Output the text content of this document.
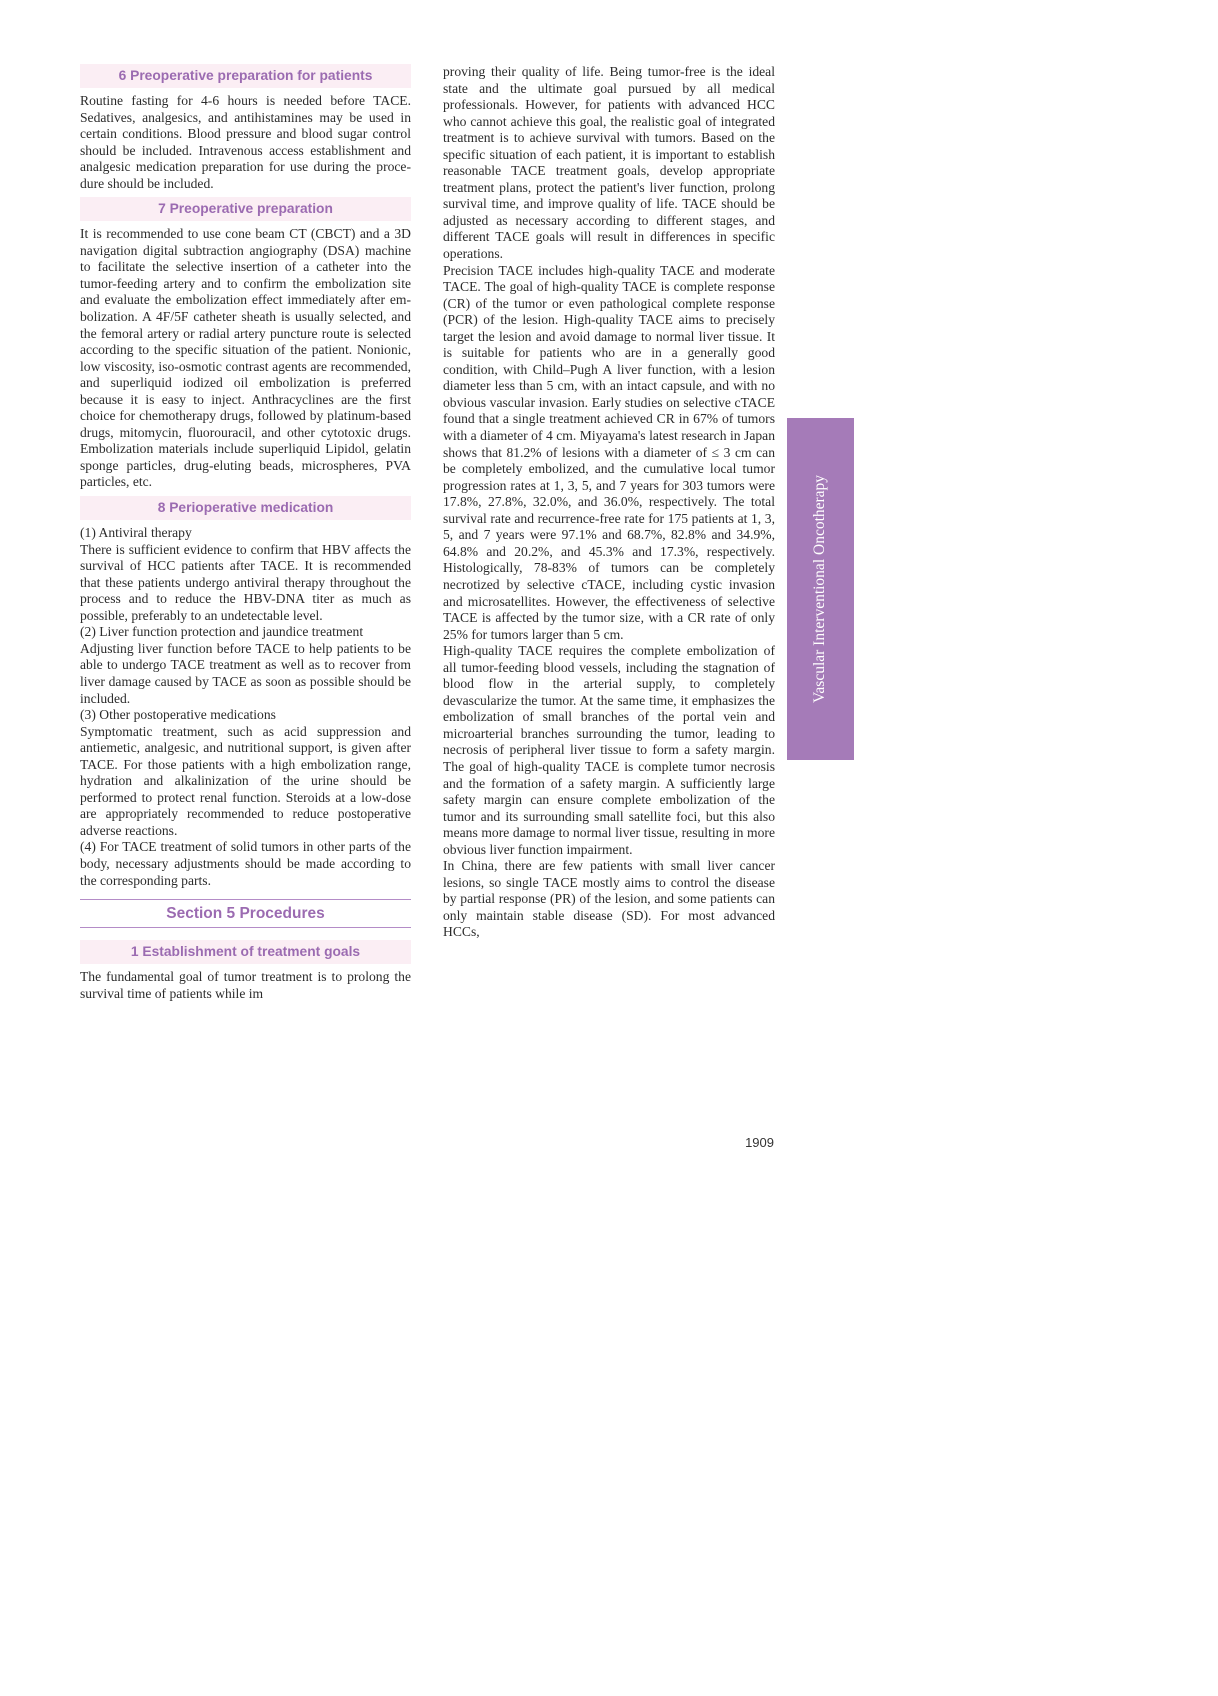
6 Preoperative preparation for patients

Routine fasting for 4-6 hours is needed before TACE. Sedatives, analgesics, and antihistamines may be used in certain conditions. Blood pressure and blood sugar control should be included. Intravenous access establishment and analgesic medication preparation for use during the procedure should be included.

7 Preoperative preparation

It is recommended to use cone beam CT (CBCT) and a 3D navigation digital subtraction angiography (DSA) machine to facilitate the selective insertion of a catheter into the tumor-feeding artery and to confirm the embolization site and evaluate the embolization effect immediately after embolization. A 4F/5F catheter sheath is usually selected, and the femoral artery or radial artery puncture route is selected according to the specific situation of the patient. Nonionic, low viscosity, iso-osmotic contrast agents are recommended, and superliquid iodized oil embolization is preferred because it is easy to inject. Anthracyclines are the first choice for chemotherapy drugs, followed by platinum-based drugs, mitomycin, fluorouracil, and other cytotoxic drugs. Embolization materials include superliquid Lipidol, gelatin sponge particles, drug-eluting beads, microspheres, PVA particles, etc.

8 Perioperative medication

(1) Antiviral therapy

There is sufficient evidence to confirm that HBV affects the survival of HCC patients after TACE. It is recommended that these patients undergo antiviral therapy throughout the process and to reduce the HBV-DNA titer as much as possible, preferably to an undetectable level.

(2) Liver function protection and jaundice treatment

Adjusting liver function before TACE to help patients to be able to undergo TACE treatment as well as to recover from liver damage caused by TACE as soon as possible should be included.

(3) Other postoperative medications

Symptomatic treatment, such as acid suppression and antiemetic, analgesic, and nutritional support, is given after TACE. For those patients with a high embolization range, hydration and alkalinization of the urine should be performed to protect renal function. Steroids at a low-dose are appropriately recommended to reduce postoperative adverse reactions.

(4) For TACE treatment of solid tumors in other parts of the body, necessary adjustments should be made according to the corresponding parts.

Section 5 Procedures
1 Establishment of treatment goals

The fundamental goal of tumor treatment is to prolong the survival time of patients while im

proving their quality of life. Being tumor-free is the ideal state and the ultimate goal pursued by all medical professionals. However, for patients with advanced HCC who cannot achieve this goal, the realistic goal of integrated treatment is to achieve survival with tumors. Based on the specific situation of each patient, it is important to establish reasonable TACE treatment goals, develop appropriate treatment plans, protect the patient's liver function, prolong survival time, and improve quality of life. TACE should be adjusted as necessary according to different stages, and different TACE goals will result in differences in specific operations.

Precision TACE includes high-quality TACE and moderate TACE. The goal of high-quality TACE is complete response (CR) of the tumor or even pathological complete response (PCR) of the lesion. High-quality TACE aims to precisely target the lesion and avoid damage to normal liver tissue. It is suitable for patients who are in a generally good condition, with Child–Pugh A liver function, with a lesion diameter less than 5 cm, with an intact capsule, and with no obvious vascular invasion. Early studies on selective cTACE found that a single treatment achieved CR in 67% of tumors with a diameter of 4 cm. Miyayama's latest research in Japan shows that 81.2% of lesions with a diameter of ≤ 3 cm can be completely embolized, and the cumulative local tumor progression rates at 1, 3, 5, and 7 years for 303 tumors were 17.8%, 27.8%, 32.0%, and 36.0%, respectively. The total survival rate and recurrence-free rate for 175 patients at 1, 3, 5, and 7 years were 97.1% and 68.7%, 82.8% and 34.9%, 64.8% and 20.2%, and 45.3% and 17.3%, respectively. Histologically, 78-83% of tumors can be completely necrotized by selective cTACE, including cystic invasion and microsatellites. However, the effectiveness of selective TACE is affected by the tumor size, with a CR rate of only 25% for tumors larger than 5 cm.

High-quality TACE requires the complete embolization of all tumor-feeding blood vessels, including the stagnation of blood flow in the arterial supply, to completely devascularize the tumor. At the same time, it emphasizes the embolization of small branches of the portal vein and microarterial branches surrounding the tumor, leading to necrosis of peripheral liver tissue to form a safety margin. The goal of high-quality TACE is complete tumor necrosis and the formation of a safety margin. A sufficiently large safety margin can ensure complete embolization of the tumor and its surrounding small satellite foci, but this also means more damage to normal liver tissue, resulting in more obvious liver function impairment.

In China, there are few patients with small liver cancer lesions, so single TACE mostly aims to control the disease by partial response (PR) of the lesion, and some patients can only maintain stable disease (SD). For most advanced HCCs,

Vascular Interventional Oncotherapy
1909
